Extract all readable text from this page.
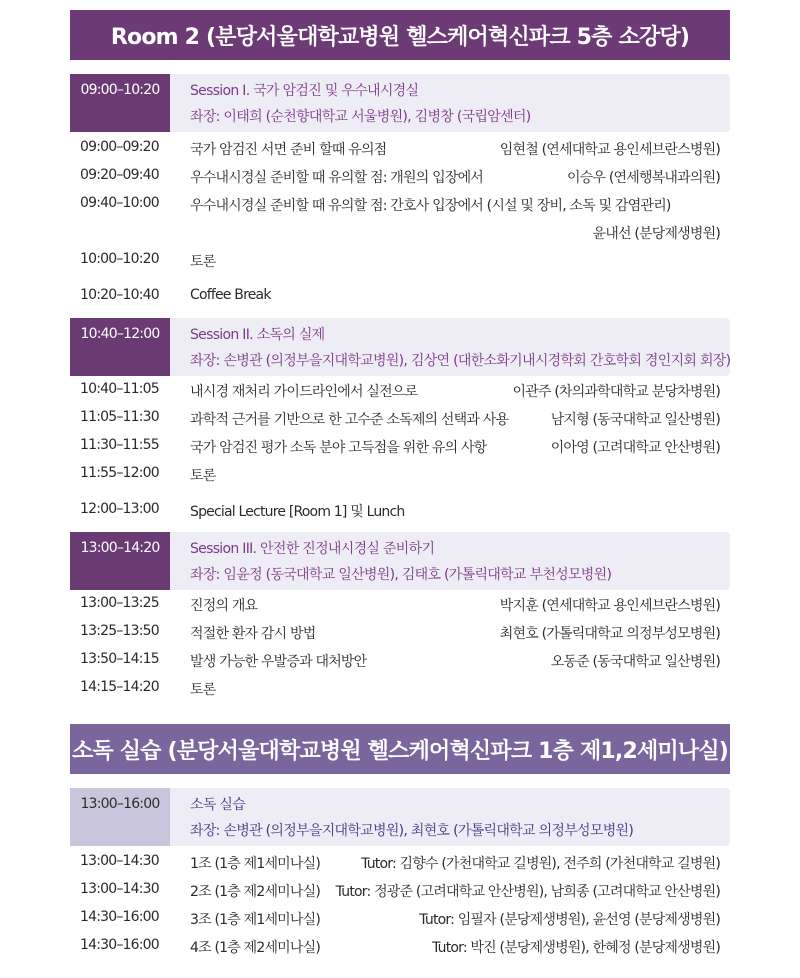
Room 2 (분당서울대학교병원 헬스케어혁신파크 5층 소강당)
09:00–10:20	Session I. 국가 암검진 및 우수내시경실
좌장: 이태희 (순천향대학교 서울병원), 김병창 (국립암센터)
09:00–09:20 국가 암검진 서면 준비 할때 유의점	임현철 (연세대학교 용인세브란스병원)
09:20–09:40 우수내시경실 준비할 때 유의할 점: 개원의 입장에서	이승우 (연세행복내과의원)
09:40–10:00 우수내시경실 준비할 때 유의할 점: 간호사 입장에서 (시설 및 장비, 소독 및 감염관리)
윤내선 (분당제생병원)
10:00–10:20 토론
10:20–10:40 Coffee Break
10:40–12:00	Session II. 소독의 실제
좌장: 손병관 (의정부을지대학교병원), 김상연 (대한소화기내시경학회 간호학회 경인지회 회장)
10:40–11:05 내시경 재처리 가이드라인에서 실전으로	이관주 (차의과학대학교 분당차병원)
11:05–11:30 과학적 근거를 기반으로 한 고수준 소독제의 선택과 사용	남지형 (동국대학교 일산병원)
11:30–11:55 국가 암검진 평가 소독 분야 고득점을 위한 유의 사항	이아영 (고려대학교 안산병원)
11:55–12:00 토론
12:00–13:00 Special Lecture [Room 1] 및 Lunch
13:00–14:20	Session III. 안전한 진정내시경실 준비하기
좌장: 임윤정 (동국대학교 일산병원), 김태호 (가톨릭대학교 부천성모병원)
13:00–13:25 진정의 개요	박지훈 (연세대학교 용인세브란스병원)
13:25–13:50 적절한 환자 감시 방법	최현호 (가톨릭대학교 의정부성모병원)
13:50–14:15 발생 가능한 우발증과 대처방안	오동준 (동국대학교 일산병원)
14:15–14:20 토론
소독 실습 (분당서울대학교병원 헬스케어혁신파크 1층 제1,2세미나실)
13:00–16:00	소독 실습
좌장: 손병관 (의정부을지대학교병원), 최현호 (가톨릭대학교 의정부성모병원)
13:00–14:30 1조 (1층 제1세미나실)	Tutor: 김향수 (가천대학교 길병원), 전주희 (가천대학교 길병원)
13:00–14:30 2조 (1층 제2세미나실) Tutor: 정광준 (고려대학교 안산병원), 남희종 (고려대학교 안산병원)
14:30–16:00 3조 (1층 제1세미나실)	Tutor: 임필자 (분당제생병원), 윤선영 (분당제생병원)
14:30–16:00 4조 (1층 제2세미나실)	Tutor: 박진 (분당제생병원), 한혜정 (분당제생병원)
